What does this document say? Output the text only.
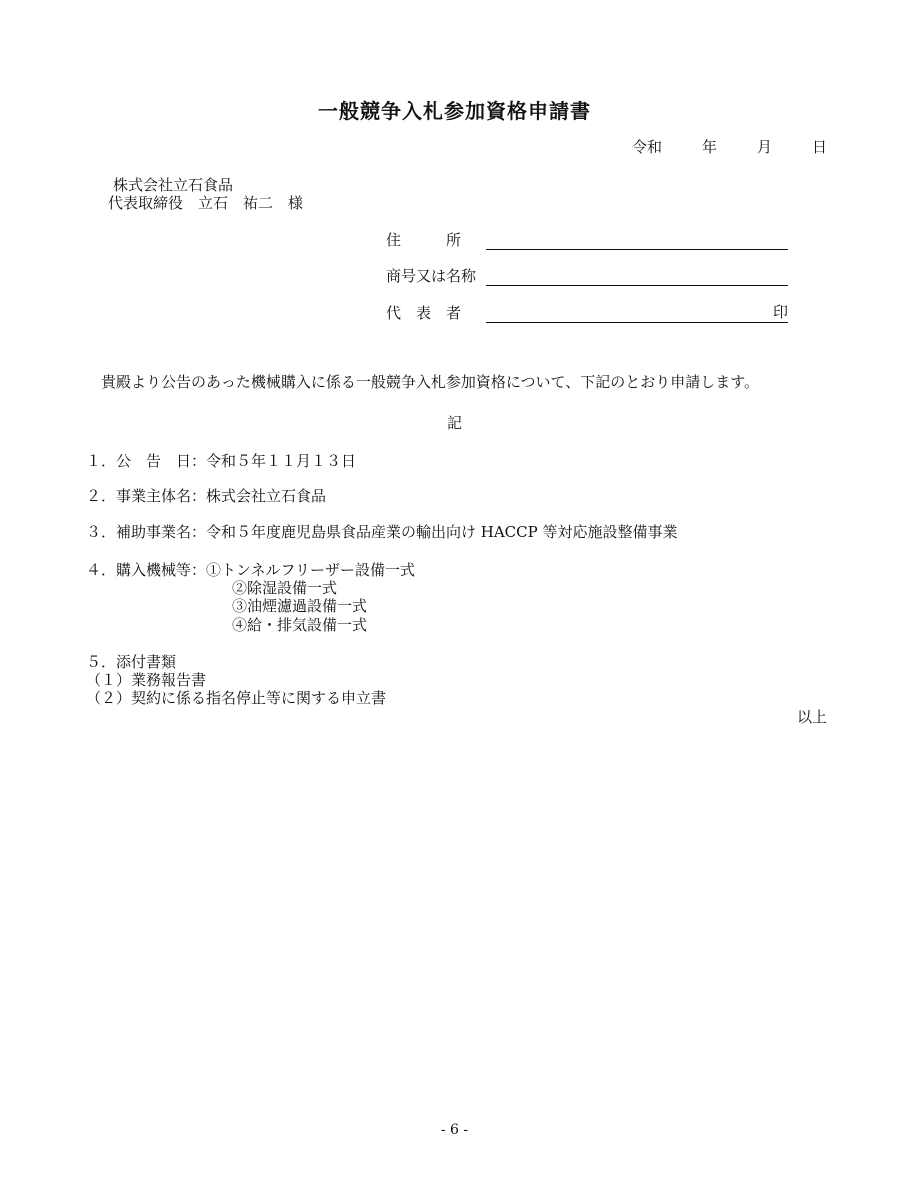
一般競争入札参加資格申請書
令和	年	月	日
株式会社立石食品
代表取締役　立石　祐二　様
住　　　所
商号又は名称
代　表　者	印
　貴殿より公告のあった機械購入に係る一般競争入札参加資格について、下記のとおり申請します。
記
１．公　告　日：令和５年１１月１３日
２．事業主体名：株式会社立石食品
３．補助事業名：令和５年度鹿児島県食品産業の輸出向け HACCP 等対応施設整備事業
４．購入機械等：①トンネルフリーザー設備一式
②除湿設備一式
③油煙濾過設備一式
④給・排気設備一式
５．添付書類
（１）業務報告書
（２）契約に係る指名停止等に関する申立書
以上
- 6 -
